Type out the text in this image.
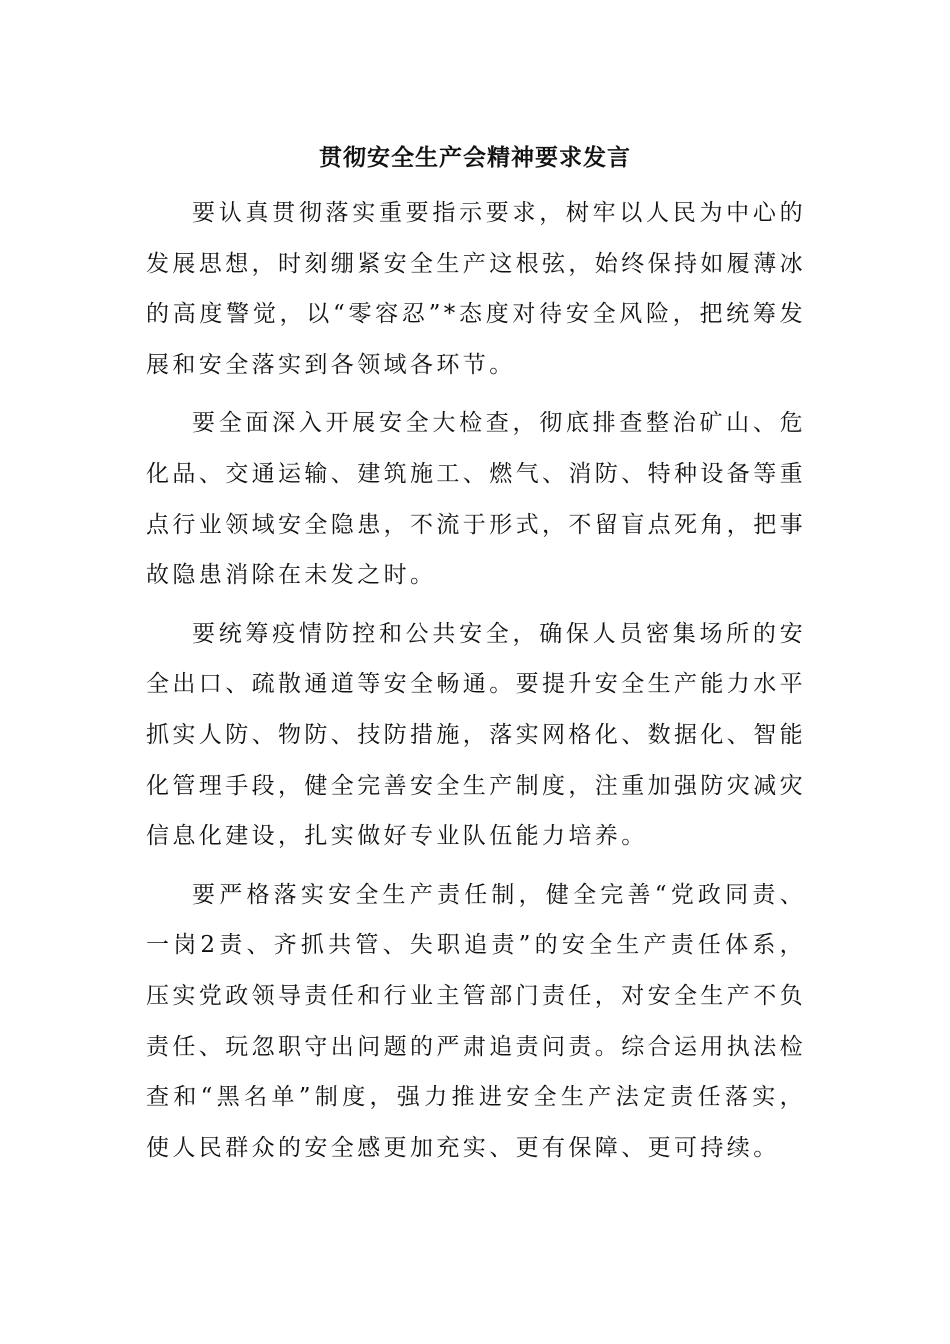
贯彻安全生产会精神要求发言

要认真贯彻落实重要指示要求，树牢以人民为中心的发展思想，时刻绷紧安全生产这根弦，始终保持如履薄冰的高度警觉，以“零容忍”*态度对待安全风险，把统筹发展和安全落实到各领域各环节。

要全面深入开展安全大检查，彻底排查整治矿山、危化品、交通运输、建筑施工、燃气、消防、特种设备等重点行业领域安全隐患，不流于形式，不留盲点死角，把事故隐患消除在未发之时。

要统筹疫情防控和公共安全，确保人员密集场所的安全出口、疏散通道等安全畅通。要提升安全生产能力水平抓实人防、物防、技防措施，落实网格化、数据化、智能化管理手段，健全完善安全生产制度，注重加强防灾减灾信息化建设，扎实做好专业队伍能力培养。

要严格落实安全生产责任制，健全完善“党政同责、一岗2责、齐抓共管、失职追责”的安全生产责任体系，压实党政领导责任和行业主管部门责任，对安全生产不负责任、玩忽职守出问题的严肃追责问责。综合运用执法检查和“黑名单”制度，强力推进安全生产法定责任落实，使人民群众的安全感更加充实、更有保障、更可持续。
